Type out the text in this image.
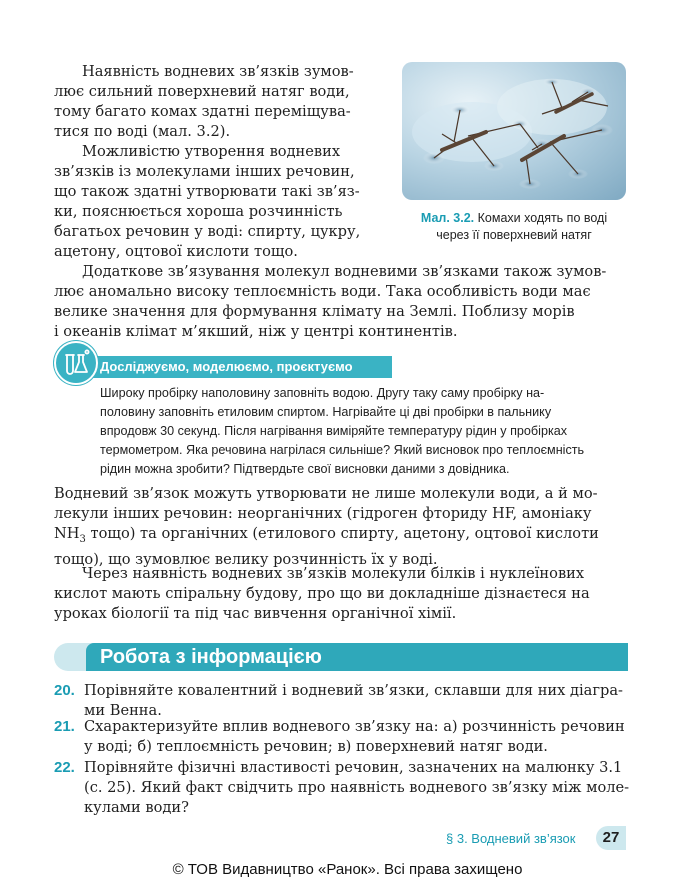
Наявність водневих зв’язків зумов-
лює сильний поверхневий натяг води,
тому багато комах здатні переміщува-
тися по воді (мал. 3.2).
Можливістю утворення водневих
зв’язків із молекулами інших речовин,
що також здатні утворювати такі зв’яз-
ки, пояснюється хороша розчинність
багатьох речовин у воді: спирту, цукру,
ацетону, оцтової кислоти тощо.
Мал. 3.2. Комахи ходять по воді
через її поверхневий натяг
Додаткове зв’язування молекул водневими зв’язками також зумов-
лює аномально високу теплоємність води. Така особливість води має
велике значення для формування клімату на Землі. Поблизу морів
і океанів клімат м’якший, ніж у центрі континентів.
Досліджуємо, моделюємо, проєктуємо
Широку пробірку наполовину заповніть водою. Другу таку саму пробірку на-
половину заповніть етиловим спиртом. Нагрівайте ці дві пробірки в пальнику
впродовж 30 секунд. Після нагрівання виміряйте температуру рідин у пробірках
термометром. Яка речовина нагрілася сильніше? Який висновок про теплоємність
рідин можна зробити? Підтвердьте свої висновки даними з довідника.
Водневий зв’язок можуть утворювати не лише молекули води, а й мо-
лекули інших речовин: неорганічних (гідроген фториду HF, амоніаку
$NH_3$ тощо) та органічних (етилового спирту, ацетону, оцтової кислоти
тощо), що зумовлює велику розчинність їх у воді.
Через наявність водневих зв’язків молекули білків і нуклеїнових
кислот мають спіральну будову, про що ви докладніше дізнаєтеся на
уроках біології та під час вивчення органічної хімії.
Робота з інформацією
20. Порівняйте ковалентний і водневий зв’язки, склавши для них діагра-
ми Венна.
21. Схарактеризуйте вплив водневого зв’язку на: а) розчинність речовин
у воді; б) теплоємність речовин; в) поверхневий натяг води.
22. Порівняйте фізичні властивості речовин, зазначених на малюнку 3.1
(с. 25). Який факт свідчить про наявність водневого зв’язку між моле-
кулами води?
§ 3. Водневий зв’язок	27
© ТОВ Видавництво «Ранок». Всі права захищено
